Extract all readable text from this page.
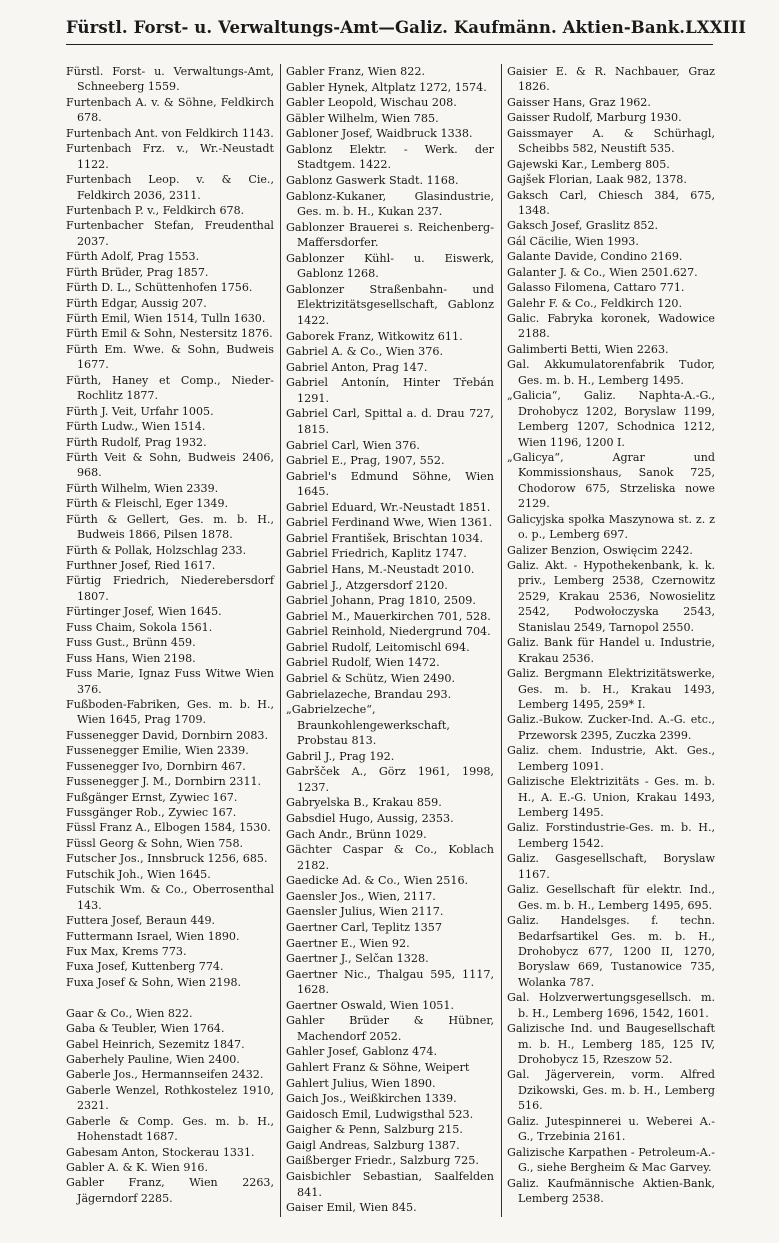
Fürstl. Forst- u. Verwaltungs-Amt—Galiz. Kaufmänn. Aktien-Bank. LXXIII
Fürstl. Forst- u. Verwaltungs-Amt, Schneeberg 1559.
Furtenbach A. v. & Söhne, Feldkirch 678.
Furtenbach Ant. von Feldkirch 1143.
Furtenbach Frz. v., Wr.-Neustadt 1122.
Furtenbach Leop. v. & Cie., Feldkirch 2036, 2311.
Furtenbach P. v., Feldkirch 678.
Furtenbacher Stefan, Freudenthal 2037.
Fürth Adolf, Prag 1553.
Fürth Brüder, Prag 1857.
Fürth D. L., Schüttenhofen 1756.
Fürth Edgar, Aussig 207.
Fürth Emil, Wien 1514, Tulln 1630.
Fürth Emil & Sohn, Nestersitz 1876.
Fürth Em. Wwe. & Sohn, Budweis 1677.
Fürth, Haney et Comp., Nieder-Rochlitz 1877.
Fürth J. Veit, Urfahr 1005.
Fürth Ludw., Wien 1514.
Fürth Rudolf, Prag 1932.
Fürth Veit & Sohn, Budweis 2406, 968.
Fürth Wilhelm, Wien 2339.
Fürth & Fleischl, Eger 1349.
Fürth & Gellert, Ges. m. b. H., Budweis 1866, Pilsen 1878.
Fürth & Pollak, Holzschlag 233.
Furthner Josef, Ried 1617.
Fürtig Friedrich, Niederebersdorf 1807.
Fürtinger Josef, Wien 1645.
Fuss Chaim, Sokola 1561.
Fuss Gust., Brünn 459.
Fuss Hans, Wien 2198.
Fuss Marie, Ignaz Fuss Witwe Wien 376.
Fußboden-Fabriken, Ges. m. b. H., Wien 1645, Prag 1709.
Fussenegger David, Dornbirn 2083.
Fussenegger Emilie, Wien 2339.
Fussenegger Ivo, Dornbirn 467.
Fussenegger J. M., Dornbirn 2311.
Fußgänger Ernst, Zywiec 167.
Fussgänger Rob., Zywiec 167.
Füssl Franz A., Elbogen 1584, 1530.
Füssl Georg & Sohn, Wien 758.
Futscher Jos., Innsbruck 1256, 685.
Futschik Joh., Wien 1645.
Futschik Wm. & Co., Oberrosenthal 143.
Futtera Josef, Beraun 449.
Futtermann Israel, Wien 1890.
Fux Max, Krems 773.
Fuxa Josef, Kuttenberg 774.
Fuxa Josef & Sohn, Wien 2198.
Gaar & Co., Wien 822.
Gaba & Teubler, Wien 1764.
Gabel Heinrich, Sezemitz 1847.
Gaberhely Pauline, Wien 2400.
Gaberle Jos., Hermannseifen 2432.
Gaberle Wenzel, Rothkostelez 1910, 2321.
Gaberle & Comp. Ges. m. b. H., Hohenstadt 1687.
Gabesam Anton, Stockerau 1331.
Gabler A. & K. Wien 916.
Gabler Franz, Wien 2263, Jägerndorf 2285.
Gabler Franz, Wien 822.
Gabler Hynek, Altplatz 1272, 1574.
Gabler Leopold, Wischau 208.
Gäbler Wilhelm, Wien 785.
Gabloner Josef, Waidbruck 1338.
Gablonz Elektr. - Werk. der Stadtgem. 1422.
Gablonz Gaswerk Stadt. 1168.
Gablonz-Kukaner, Glasindustrie, Ges. m. b. H., Kukan 237.
Gablonzer Brauerei s. Reichenberg-Maffersdorfer.
Gablonzer Kühl- u. Eiswerk, Gablonz 1268.
Gablonzer Straßenbahn- und Elektrizitätsgesellschaft, Gablonz 1422.
Gaborek Franz, Witkowitz 611.
Gabriel A. & Co., Wien 376.
Gabriel Anton, Prag 147.
Gabriel Antonín, Hinter Třebán 1291.
Gabriel Carl, Spittal a. d. Drau 727, 1815.
Gabriel Carl, Wien 376.
Gabriel E., Prag, 1907, 552.
Gabriel's Edmund Söhne, Wien 1645.
Gabriel Eduard, Wr.-Neustadt 1851.
Gabriel Ferdinand Wwe, Wien 1361.
Gabriel František, Brischtan 1034.
Gabriel Friedrich, Kaplitz 1747.
Gabriel Hans, M.-Neustadt 2010.
Gabriel J., Atzgersdorf 2120.
Gabriel Johann, Prag 1810, 2509.
Gabriel M., Mauerkirchen 701, 528.
Gabriel Reinhold, Niedergrund 704.
Gabriel Rudolf, Leitomischl 694.
Gabriel Rudolf, Wien 1472.
Gabriel & Schütz, Wien 2490.
Gabrielazeche, Brandau 293.
„Gabrielzeche“, Braunkohlengewerkschaft, Probstau 813.
Gabril J., Prag 192.
Gabršček A., Görz 1961, 1998, 1237.
Gabryelska B., Krakau 859.
Gabsdiel Hugo, Aussig, 2353.
Gach Andr., Brünn 1029.
Gächter Caspar & Co., Koblach 2182.
Gaedicke Ad. & Co., Wien 2516.
Gaensler Jos., Wien, 2117.
Gaensler Julius, Wien 2117.
Gaertner Carl, Teplitz 1357
Gaertner E., Wien 92.
Gaertner J., Selčan 1328.
Gaertner Nic., Thalgau 595, 1117, 1628.
Gaertner Oswald, Wien 1051.
Gahler Brüder & Hübner, Machendorf 2052.
Gahler Josef, Gablonz 474.
Gahlert Franz & Söhne, Weipert
Gahlert Julius, Wien 1890.
Gaich Jos., Weißkirchen 1339.
Gaidosch Emil, Ludwigsthal 523.
Gaigher & Penn, Salzburg 215.
Gaigl Andreas, Salzburg 1387.
Gaißberger Friedr., Salzburg 725.
Gaisbichler Sebastian, Saalfelden 841.
Gaiser Emil, Wien 845.
Gaisier E. & R. Nachbauer, Graz 1826.
Gaisser Hans, Graz 1962.
Gaisser Rudolf, Marburg 1930.
Gaissmayer A. & Schürhagl, Scheibbs 582, Neustift 535.
Gajewski Kar., Lemberg 805.
Gajšek Florian, Laak 982, 1378.
Gaksch Carl, Chiesch 384, 675, 1348.
Gaksch Josef, Graslitz 852.
Gál Cäcilie, Wien 1993.
Galante Davide, Condino 2169.
Galanter J. & Co., Wien 2501.627.
Galasso Filomena, Cattaro 771.
Galehr F. & Co., Feldkirch 120.
Galic. Fabryka koronek, Wadowice 2188.
Galimberti Betti, Wien 2263.
Gal. Akkumulatorenfabrik Tudor, Ges. m. b. H., Lemberg 1495.
„Galicia“, Galiz. Naphta-A.-G., Drohobycz 1202, Boryslaw 1199, Lemberg 1207, Schodnica 1212, Wien 1196, 1200 I.
„Galicya“, Agrar und Kommissionshaus, Sanok 725, Chodorow 675, Strzeliska nowe 2129.
Galicyjska społka Maszynowa st. z. z o. p., Lemberg 697.
Galizer Benzion, Oswięcim 2242.
Galiz. Akt. - Hypothekenbank, k. k. priv., Lemberg 2538, Czernowitz 2529, Krakau 2536, Nowosielitz 2542, Podwołoczyska 2543, Stanislau 2549, Tarnopol 2550.
Galiz. Bank für Handel u. Industrie, Krakau 2536.
Galiz. Bergmann Elektrizitätswerke, Ges. m. b. H., Krakau 1493, Lemberg 1495, 259* I.
Galiz.-Bukow. Zucker-Ind. A.-G. etc., Przeworsk 2395, Zuczka 2399.
Galiz. chem. Industrie, Akt. Ges., Lemberg 1091.
Galizische Elektrizitäts - Ges. m. b. H., A. E.-G. Union, Krakau 1493, Lemberg 1495.
Galiz. Forstindustrie-Ges. m. b. H., Lemberg 1542.
Galiz. Gasgesellschaft, Boryslaw 1167.
Galiz. Gesellschaft für elektr. Ind., Ges. m. b. H., Lemberg 1495, 695.
Galiz. Handelsges. f. techn. Bedarfsartikel Ges. m. b. H., Drohobycz 677, 1200 II, 1270, Boryslaw 669, Tustanowice 735, Wolanka 787.
Gal. Holzverwertungsgesellsch. m. b. H., Lemberg 1696, 1542, 1601.
Galizische Ind. und Baugesellschaft m. b. H., Lemberg 185, 125 IV, Drohobycz 15, Rzeszow 52.
Gal. Jägerverein, vorm. Alfred Dzikowski, Ges. m. b. H., Lemberg 516.
Galiz. Jutespinnerei u. Weberei A.-G., Trzebinia 2161.
Galizische Karpathen - Petroleum-A.-G., siehe Bergheim & Mac Garvey.
Galiz. Kaufmännische Aktien-Bank, Lemberg 2538.
